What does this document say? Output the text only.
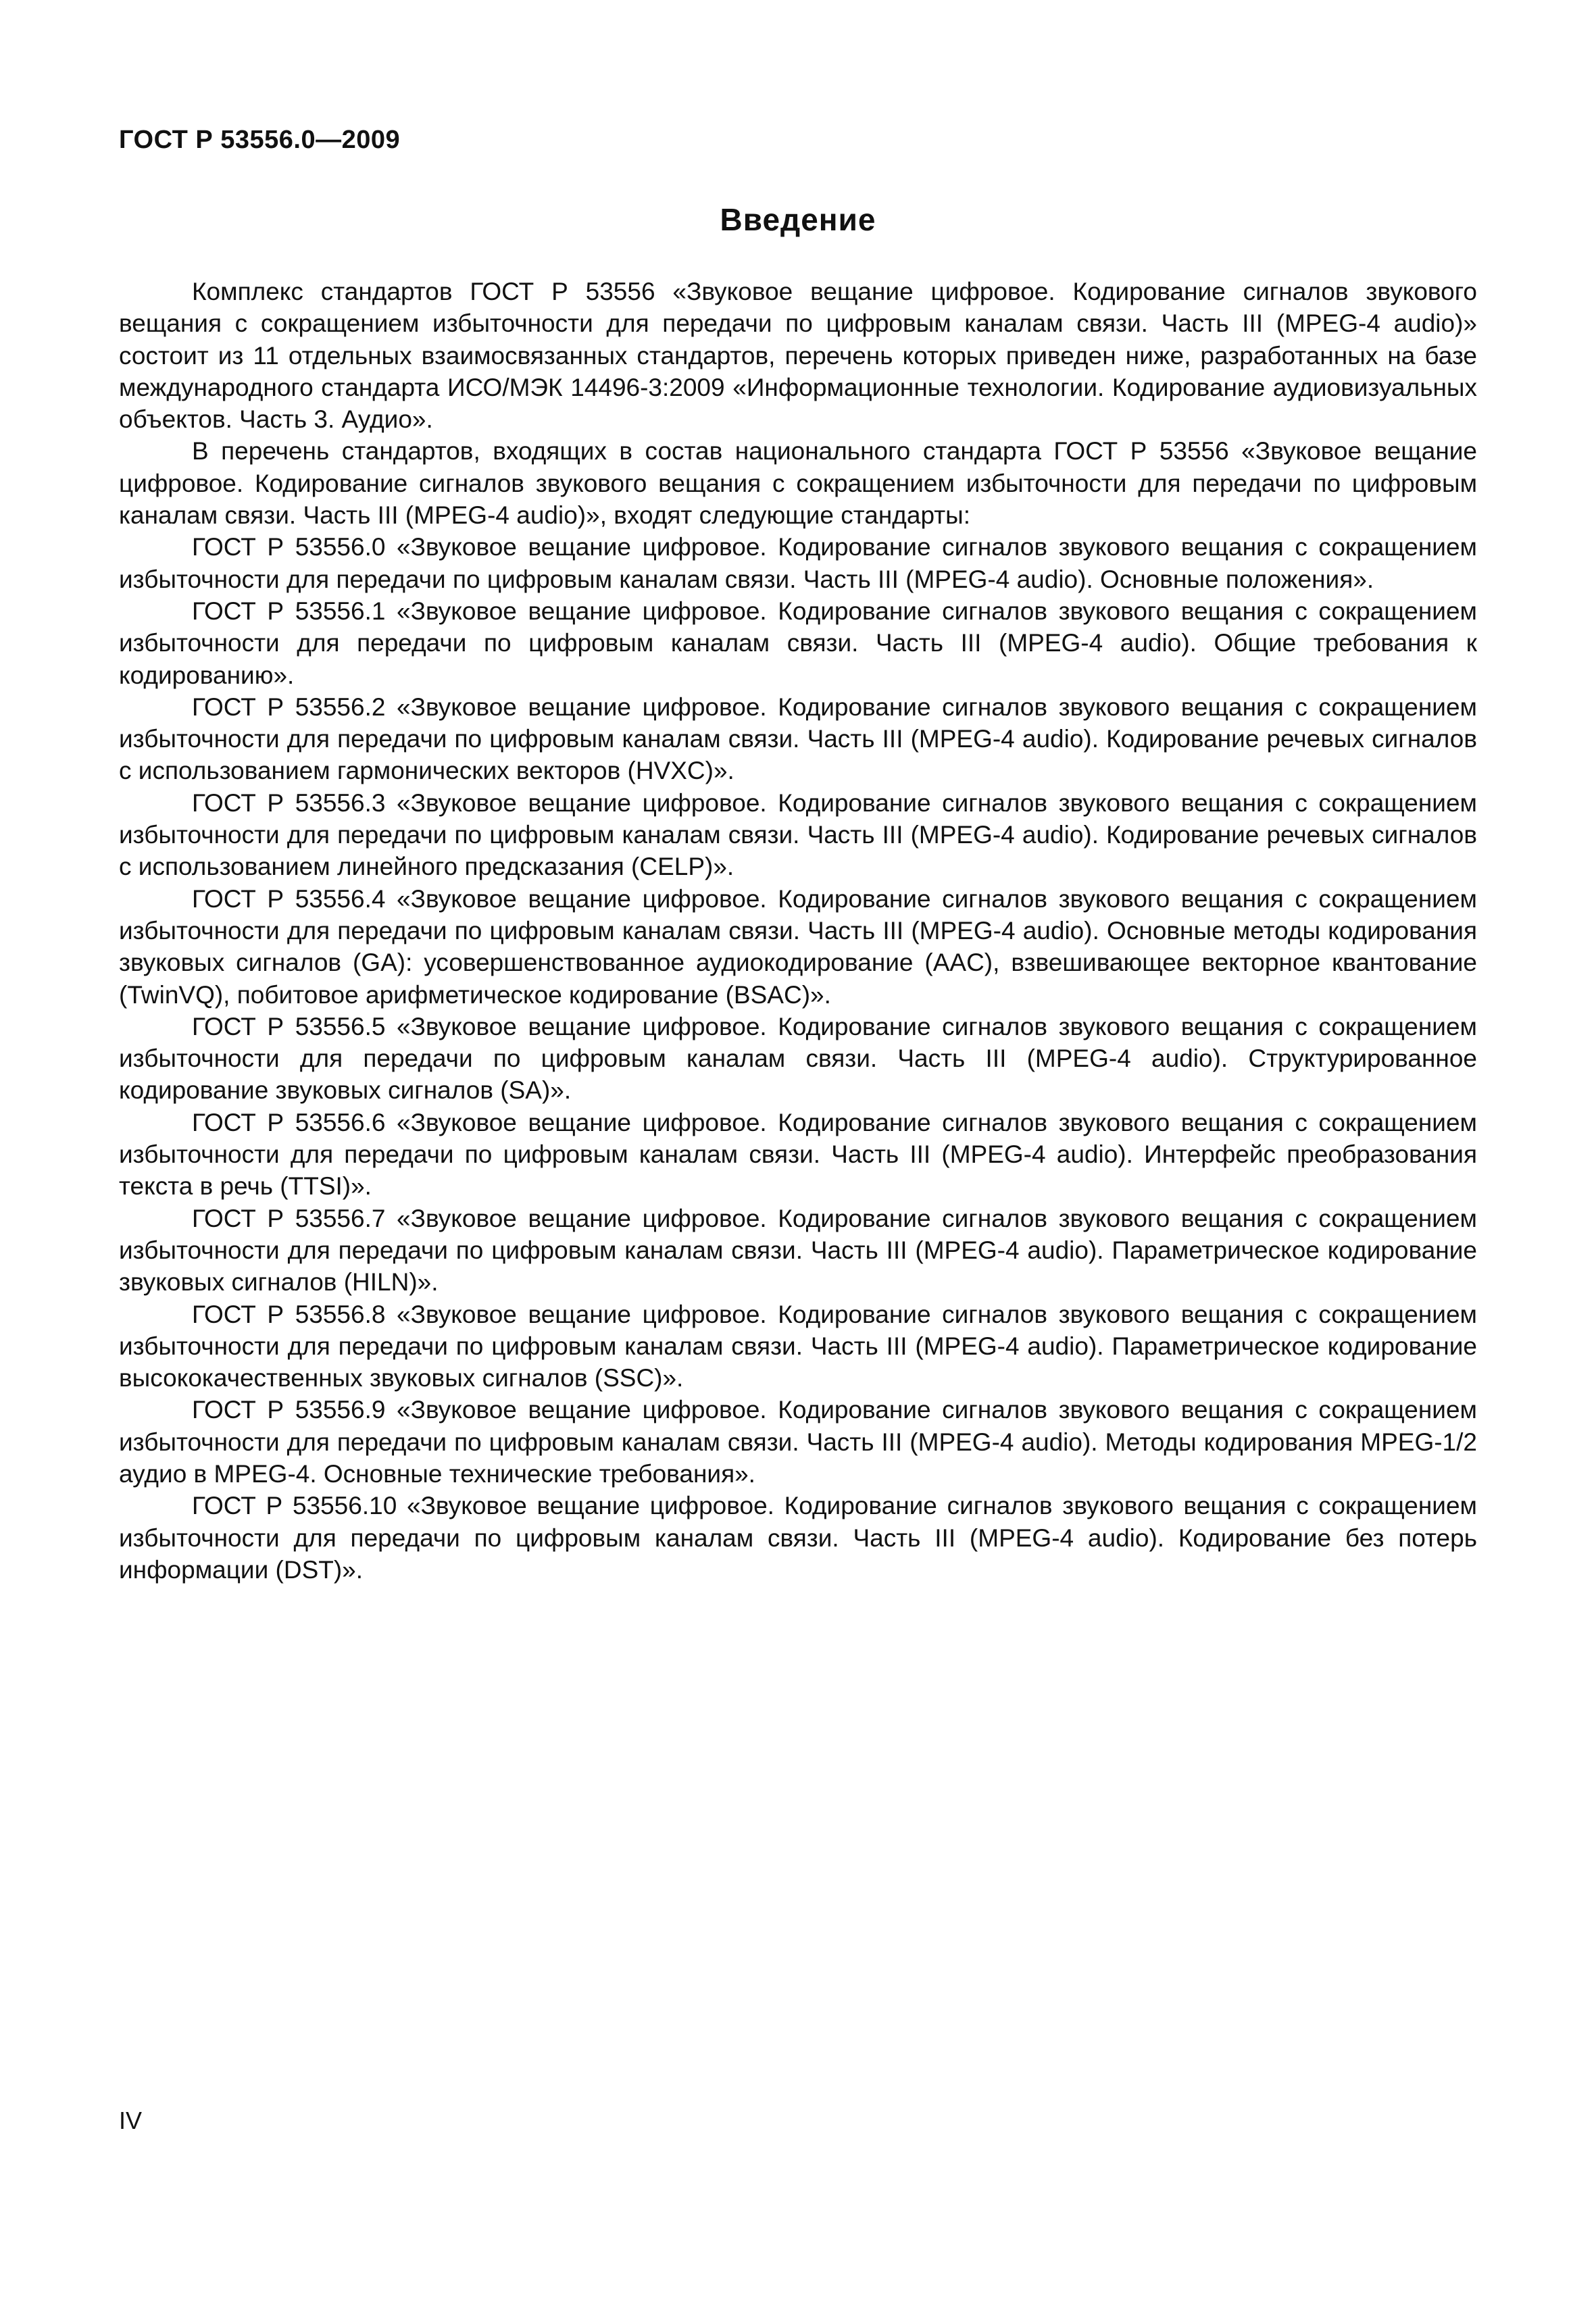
ГОСТ Р 53556.0—2009
Введение

Комплекс стандартов ГОСТ Р 53556 «Звуковое вещание цифровое. Кодирование сигналов звукового вещания с сокращением избыточности для передачи по цифровым каналам связи. Часть III (MPEG-4 audio)» состоит из 11 отдельных взаимосвязанных стандартов, перечень которых приведен ниже, разработанных на базе международного стандарта ИСО/МЭК 14496-3:2009 «Информационные технологии. Кодирование аудиовизуальных объектов. Часть 3. Аудио».

В перечень стандартов, входящих в состав национального стандарта ГОСТ Р 53556 «Звуковое вещание цифровое. Кодирование сигналов звукового вещания с сокращением избыточности для передачи по цифровым каналам связи. Часть III (MPEG-4 audio)», входят следующие стандарты:

ГОСТ Р 53556.0 «Звуковое вещание цифровое. Кодирование сигналов звукового вещания с сокращением избыточности для передачи по цифровым каналам связи. Часть III (MPEG-4 audio). Основные положения».

ГОСТ Р 53556.1 «Звуковое вещание цифровое. Кодирование сигналов звукового вещания с сокращением избыточности для передачи по цифровым каналам связи. Часть III (MPEG-4 audio). Общие требования к кодированию».

ГОСТ Р 53556.2 «Звуковое вещание цифровое. Кодирование сигналов звукового вещания с сокращением избыточности для передачи по цифровым каналам связи. Часть III (MPEG-4 audio). Кодирование речевых сигналов с использованием гармонических векторов (HVXC)».

ГОСТ Р 53556.3 «Звуковое вещание цифровое. Кодирование сигналов звукового вещания с сокращением избыточности для передачи по цифровым каналам связи. Часть III (MPEG-4 audio). Кодирование речевых сигналов с использованием линейного предсказания (CELP)».

ГОСТ Р 53556.4 «Звуковое вещание цифровое. Кодирование сигналов звукового вещания с сокращением избыточности для передачи по цифровым каналам связи. Часть III (MPEG-4 audio). Основные методы кодирования звуковых сигналов (GA): усовершенствованное аудиокодирование (AAC), взвешивающее векторное квантование (TwinVQ), побитовое арифметическое кодирование (BSAC)».

ГОСТ Р 53556.5 «Звуковое вещание цифровое. Кодирование сигналов звукового вещания с сокращением избыточности для передачи по цифровым каналам связи. Часть III (MPEG-4 audio). Структурированное кодирование звуковых сигналов (SA)».

ГОСТ Р 53556.6 «Звуковое вещание цифровое. Кодирование сигналов звукового вещания с сокращением избыточности для передачи по цифровым каналам связи. Часть III (MPEG-4 audio). Интерфейс преобразования текста в речь (TTSI)».

ГОСТ Р 53556.7 «Звуковое вещание цифровое. Кодирование сигналов звукового вещания с сокращением избыточности для передачи по цифровым каналам связи. Часть III (MPEG-4 audio). Параметрическое кодирование звуковых сигналов (HILN)».

ГОСТ Р 53556.8 «Звуковое вещание цифровое. Кодирование сигналов звукового вещания с сокращением избыточности для передачи по цифровым каналам связи. Часть III (MPEG-4 audio). Параметрическое кодирование высококачественных звуковых сигналов (SSC)».

ГОСТ Р 53556.9 «Звуковое вещание цифровое. Кодирование сигналов звукового вещания с сокращением избыточности для передачи по цифровым каналам связи. Часть III (MPEG-4 audio). Методы кодирования MPEG-1/2 аудио в MPEG-4. Основные технические требования».

ГОСТ Р 53556.10 «Звуковое вещание цифровое. Кодирование сигналов звукового вещания с сокращением избыточности для передачи по цифровым каналам связи. Часть III (MPEG-4 audio). Кодирование без потерь информации (DST)».

IV
